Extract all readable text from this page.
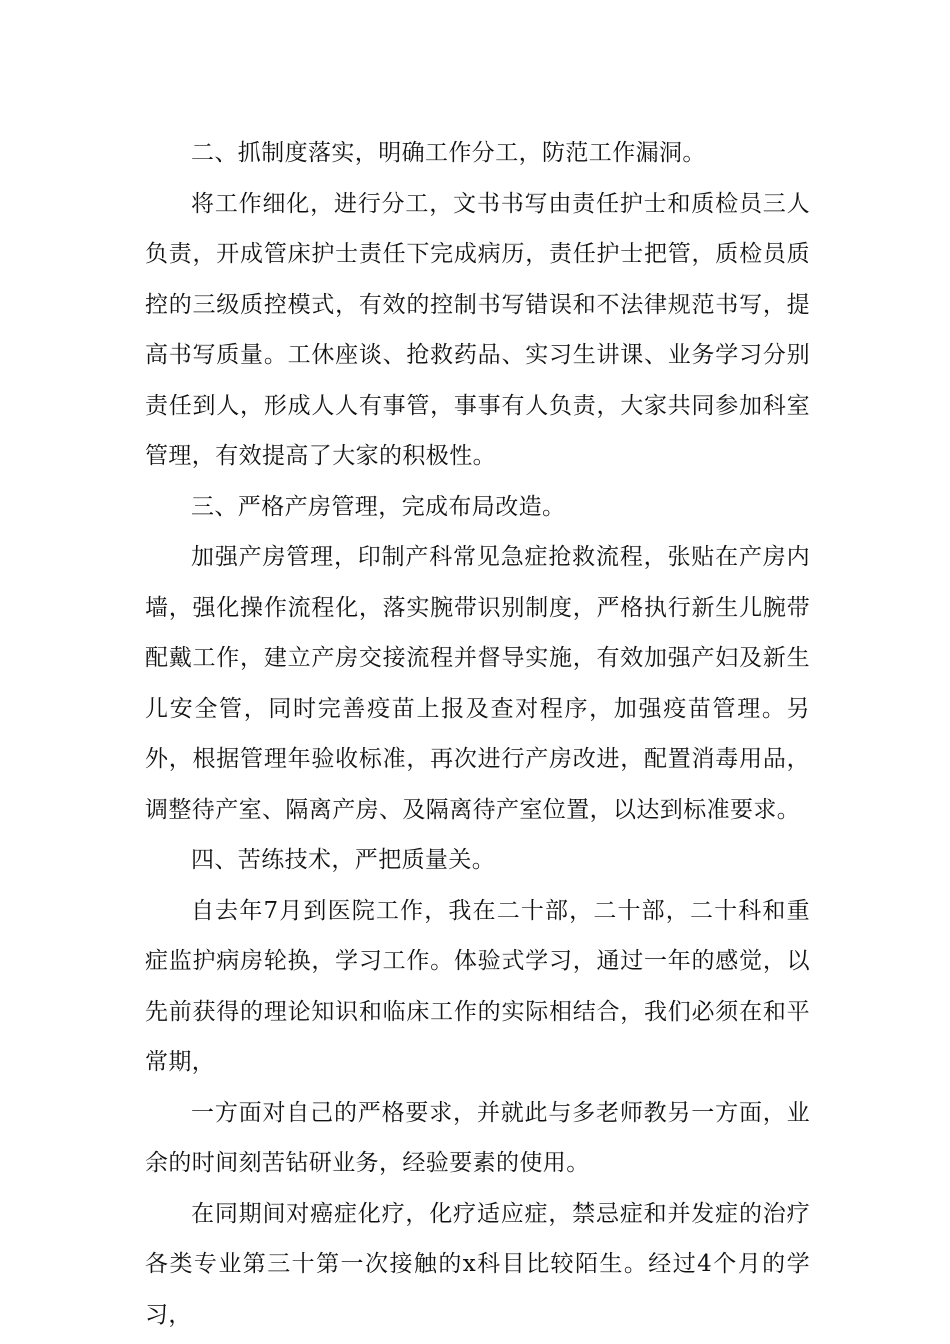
二、抓制度落实，明确工作分工，防范工作漏洞。

将工作细化，进行分工，文书书写由责任护士和质检员三人负责，开成管床护士责任下完成病历，责任护士把管，质检员质控的三级质控模式，有效的控制书写错误和不法律规范书写，提高书写质量。工休座谈、抢救药品、实习生讲课、业务学习分别责任到人，形成人人有事管，事事有人负责，大家共同参加科室管理，有效提高了大家的积极性。

三、严格产房管理，完成布局改造。

加强产房管理，印制产科常见急症抢救流程，张贴在产房内墙，强化操作流程化，落实腕带识别制度，严格执行新生儿腕带配戴工作，建立产房交接流程并督导实施，有效加强产妇及新生儿安全管，同时完善疫苗上报及查对程序，加强疫苗管理。另外，根据管理年验收标准，再次进行产房改进，配置消毒用品，调整待产室、隔离产房、及隔离待产室位置，以达到标准要求。

四、苦练技术，严把质量关。

自去年7月到医院工作，我在二十部，二十部，二十科和重症监护病房轮换，学习工作。体验式学习，通过一年的感觉，以先前获得的理论知识和临床工作的实际相结合，我们必须在和平常期，

一方面对自己的严格要求，并就此与多老师教另一方面，业余的时间刻苦钻研业务，经验要素的使用。

在同期间对癌症化疗，化疗适应症，禁忌症和并发症的治疗各类专业第三十第一次接触的x科目比较陌生。经过4个月的学习，
